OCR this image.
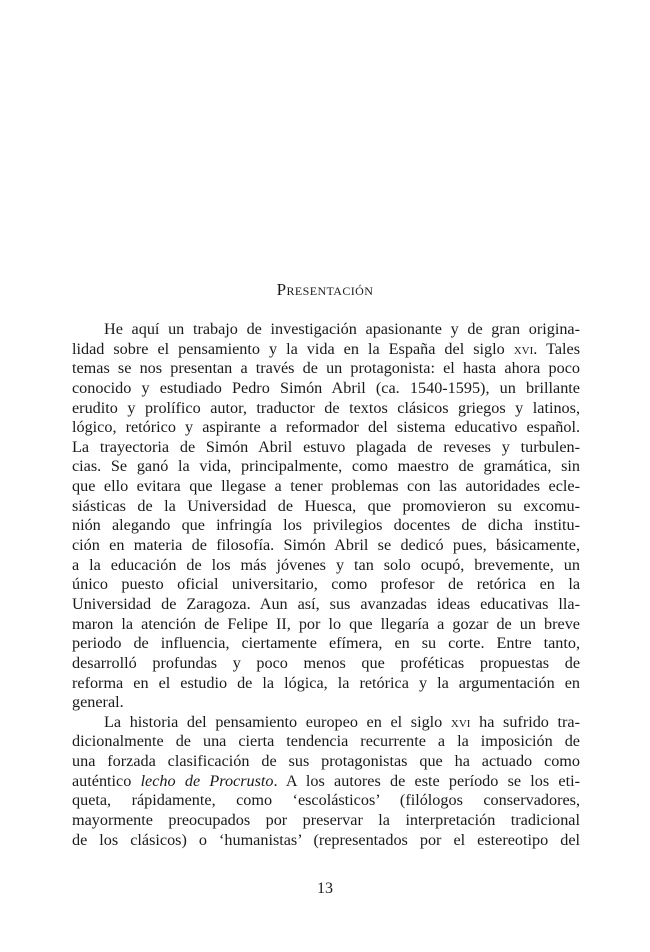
Presentación
He aquí un trabajo de investigación apasionante y de gran origina-
lidad sobre el pensamiento y la vida en la España del siglo xvi. Tales
temas se nos presentan a través de un protagonista: el hasta ahora poco
conocido y estudiado Pedro Simón Abril (ca. 1540-1595), un brillante
erudito y prolífico autor, traductor de textos clásicos griegos y latinos,
lógico, retórico y aspirante a reformador del sistema educativo español.
La trayectoria de Simón Abril estuvo plagada de reveses y turbulen-
cias. Se ganó la vida, principalmente, como maestro de gramática, sin
que ello evitara que llegase a tener problemas con las autoridades ecle-
siásticas de la Universidad de Huesca, que promovieron su excomu-
nión alegando que infringía los privilegios docentes de dicha institu-
ción en materia de filosofía. Simón Abril se dedicó pues, básicamente,
a la educación de los más jóvenes y tan solo ocupó, brevemente, un
único puesto oficial universitario, como profesor de retórica en la
Universidad de Zaragoza. Aun así, sus avanzadas ideas educativas lla-
maron la atención de Felipe II, por lo que llegaría a gozar de un breve
periodo de influencia, ciertamente efímera, en su corte. Entre tanto,
desarrolló profundas y poco menos que proféticas propuestas de
reforma en el estudio de la lógica, la retórica y la argumentación en
general.
La historia del pensamiento europeo en el siglo xvi ha sufrido tra-
dicionalmente de una cierta tendencia recurrente a la imposición de
una forzada clasificación de sus protagonistas que ha actuado como
auténtico lecho de Procrusto. A los autores de este período se los eti-
queta, rápidamente, como ‘escolásticos’ (filólogos conservadores,
mayormente preocupados por preservar la interpretación tradicional
de los clásicos) o ‘humanistas’ (representados por el estereotipo del
13
